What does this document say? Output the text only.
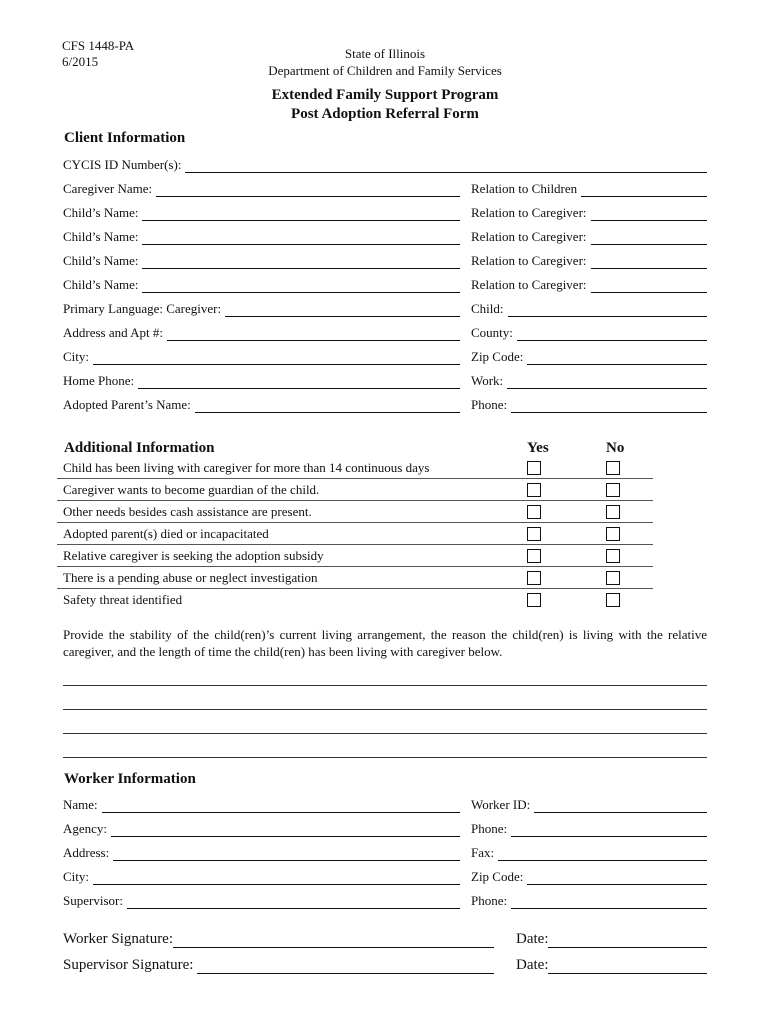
CFS 1448-PA
6/2015
State of Illinois
Department of Children and Family Services
Extended Family Support Program
Post Adoption Referral Form
Client Information
CYCIS ID Number(s):
Caregiver Name:	Relation to Children
Child’s Name:	Relation to Caregiver:
Child’s Name:	Relation to Caregiver:
Child’s Name:	Relation to Caregiver:
Child’s Name:	Relation to Caregiver:
Primary Language: Caregiver:	Child:
Address and Apt #:	County:
City:	Zip Code:
Home Phone:	Work:
Adopted Parent’s Name:	Phone:
Additional Information	Yes	No
Child has been living with caregiver for more than 14 continuous days
Caregiver wants to become guardian of the child.
Other needs besides cash assistance are present.
Adopted parent(s) died or incapacitated
Relative caregiver is seeking the adoption subsidy
There is a pending abuse or neglect investigation
Safety threat identified
Provide the stability of the child(ren)’s current living arrangement, the reason the child(ren) is living with the relative caregiver, and the length of time the child(ren) has been living with caregiver below.
Worker Information
Name:	Worker ID:
Agency:	Phone:
Address:	Fax:
City:	Zip Code:
Supervisor:	Phone:
Worker Signature:	Date:
Supervisor Signature:	Date:
